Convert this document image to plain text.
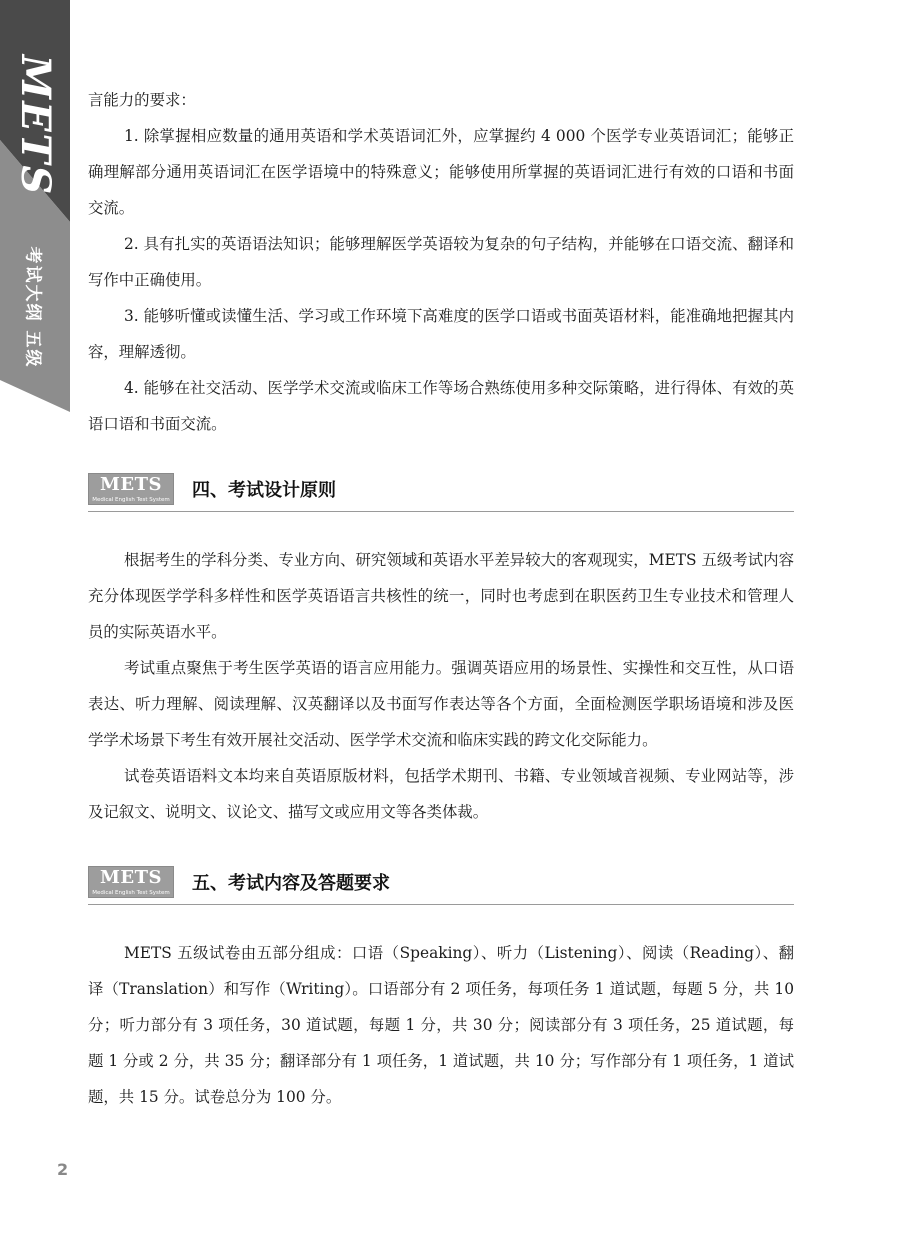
METS
考试大纲 五级

言能力的要求：

1. 除掌握相应数量的通用英语和学术英语词汇外，应掌握约 4 000 个医学专业英语词汇；能够正确理解部分通用英语词汇在医学语境中的特殊意义；能够使用所掌握的英语词汇进行有效的口语和书面交流。

2. 具有扎实的英语语法知识；能够理解医学英语较为复杂的句子结构，并能够在口语交流、翻译和写作中正确使用。

3. 能够听懂或读懂生活、学习或工作环境下高难度的医学口语或书面英语材料，能准确地把握其内容，理解透彻。

4. 能够在社交活动、医学学术交流或临床工作等场合熟练使用多种交际策略，进行得体、有效的英语口语和书面交流。

METS
Medical English Test System 四、考试设计原则

根据考生的学科分类、专业方向、研究领域和英语水平差异较大的客观现实，METS 五级考试内容充分体现医学学科多样性和医学英语语言共核性的统一，同时也考虑到在职医药卫生专业技术和管理人员的实际英语水平。

考试重点聚焦于考生医学英语的语言应用能力。强调英语应用的场景性、实操性和交互性，从口语表达、听力理解、阅读理解、汉英翻译以及书面写作表达等各个方面，全面检测医学职场语境和涉及医学学术场景下考生有效开展社交活动、医学学术交流和临床实践的跨文化交际能力。

试卷英语语料文本均来自英语原版材料，包括学术期刊、书籍、专业领域音视频、专业网站等，涉及记叙文、说明文、议论文、描写文或应用文等各类体裁。

METS
Medical English Test System 五、考试内容及答题要求

METS 五级试卷由五部分组成：口语（Speaking）、听力（Listening）、阅读（Reading）、翻译（Translation）和写作（Writing）。口语部分有 2 项任务，每项任务 1 道试题，每题 5 分，共 10 分；听力部分有 3 项任务，30 道试题，每题 1 分，共 30 分；阅读部分有 3 项任务，25 道试题，每题 1 分或 2 分，共 35 分；翻译部分有 1 项任务，1 道试题，共 10 分；写作部分有 1 项任务，1 道试题，共 15 分。试卷总分为 100 分。

2
